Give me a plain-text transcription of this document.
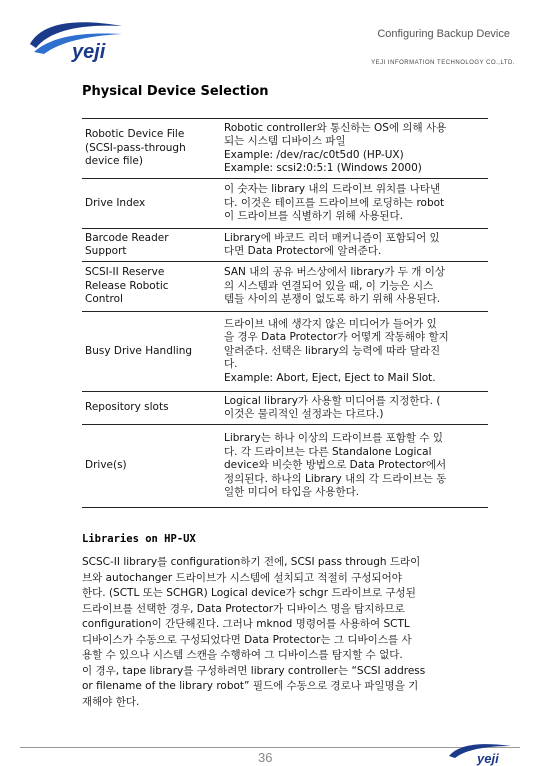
Configuring Backup Device
yeji	YEJI INFORMATION TECHNOLOGY CO.,LTD.
Physical Device Selection
Robotic Device File
(SCSI-pass-through
device file)	Robotic controller와 통신하는 OS에 의해 사용
되는 시스템 디바이스 파일
Example: /dev/rac/c0t5d0 (HP-UX)
Example: scsi2:0:5:1 (Windows 2000)

Drive Index	이 숫자는 library 내의 드라이브 위치를 나타낸
다. 이것은 테이프를 드라이브에 로딩하는 robot
이 드라이브를 식별하기 위해 사용된다.

Barcode Reader
Support	Library에 바코드 리더 매커니즘이 포함되어 있
다면 Data Protector에 알려준다.

SCSI-II Reserve
Release Robotic
Control	SAN 내의 공유 버스상에서 library가 두 개 이상
의 시스템과 연결되어 있을 때, 이 기능은 시스
템들 사이의 분쟁이 없도록 하기 위해 사용된다.

Busy Drive Handling	드라이브 내에 생각지 않은 미디어가 들어가 있
을 경우 Data Protector가 어떻게 작동해야 할지
알려준다. 선택은 library의 능력에 따라 달라진
다.
Example: Abort, Eject, Eject to Mail Slot.

Repository slots	Logical library가 사용할 미디어를 지정한다. (
이것은 물리적인 설정과는 다르다.)

Drive(s)	Library는 하나 이상의 드라이브를 포함할 수 있
다. 각 드라이브는 다른 Standalone Logical
device와 비슷한 방법으로 Data Protector에서
정의된다. 하나의 Library 내의 각 드라이브는 동
일한 미디어 타입을 사용한다.
Libraries on HP-UX
SCSC-II library를 configuration하기 전에, SCSI pass through 드라이
브와 autochanger 드라이브가 시스템에 설치되고 적절히 구성되어야
한다. (SCTL 또는 SCHGR) Logical device가 schgr 드라이브로 구성된
드라이브를 선택한 경우, Data Protector가 디바이스 명을 탐지하므로
configuration이 간단해진다. 그러나 mknod 명령어를 사용하여 SCTL
디바이스가 수동으로 구성되었다면 Data Protector는 그 디바이스를 사
용할 수 있으나 시스템 스캔을 수행하여 그 디바이스를 탐지할 수 없다.
이 경우, tape library를 구성하려면 library controller는 “SCSI address
or filename of the library robot” 필드에 수동으로 경로나 파일명을 기
재해야 한다.
36	yeji
